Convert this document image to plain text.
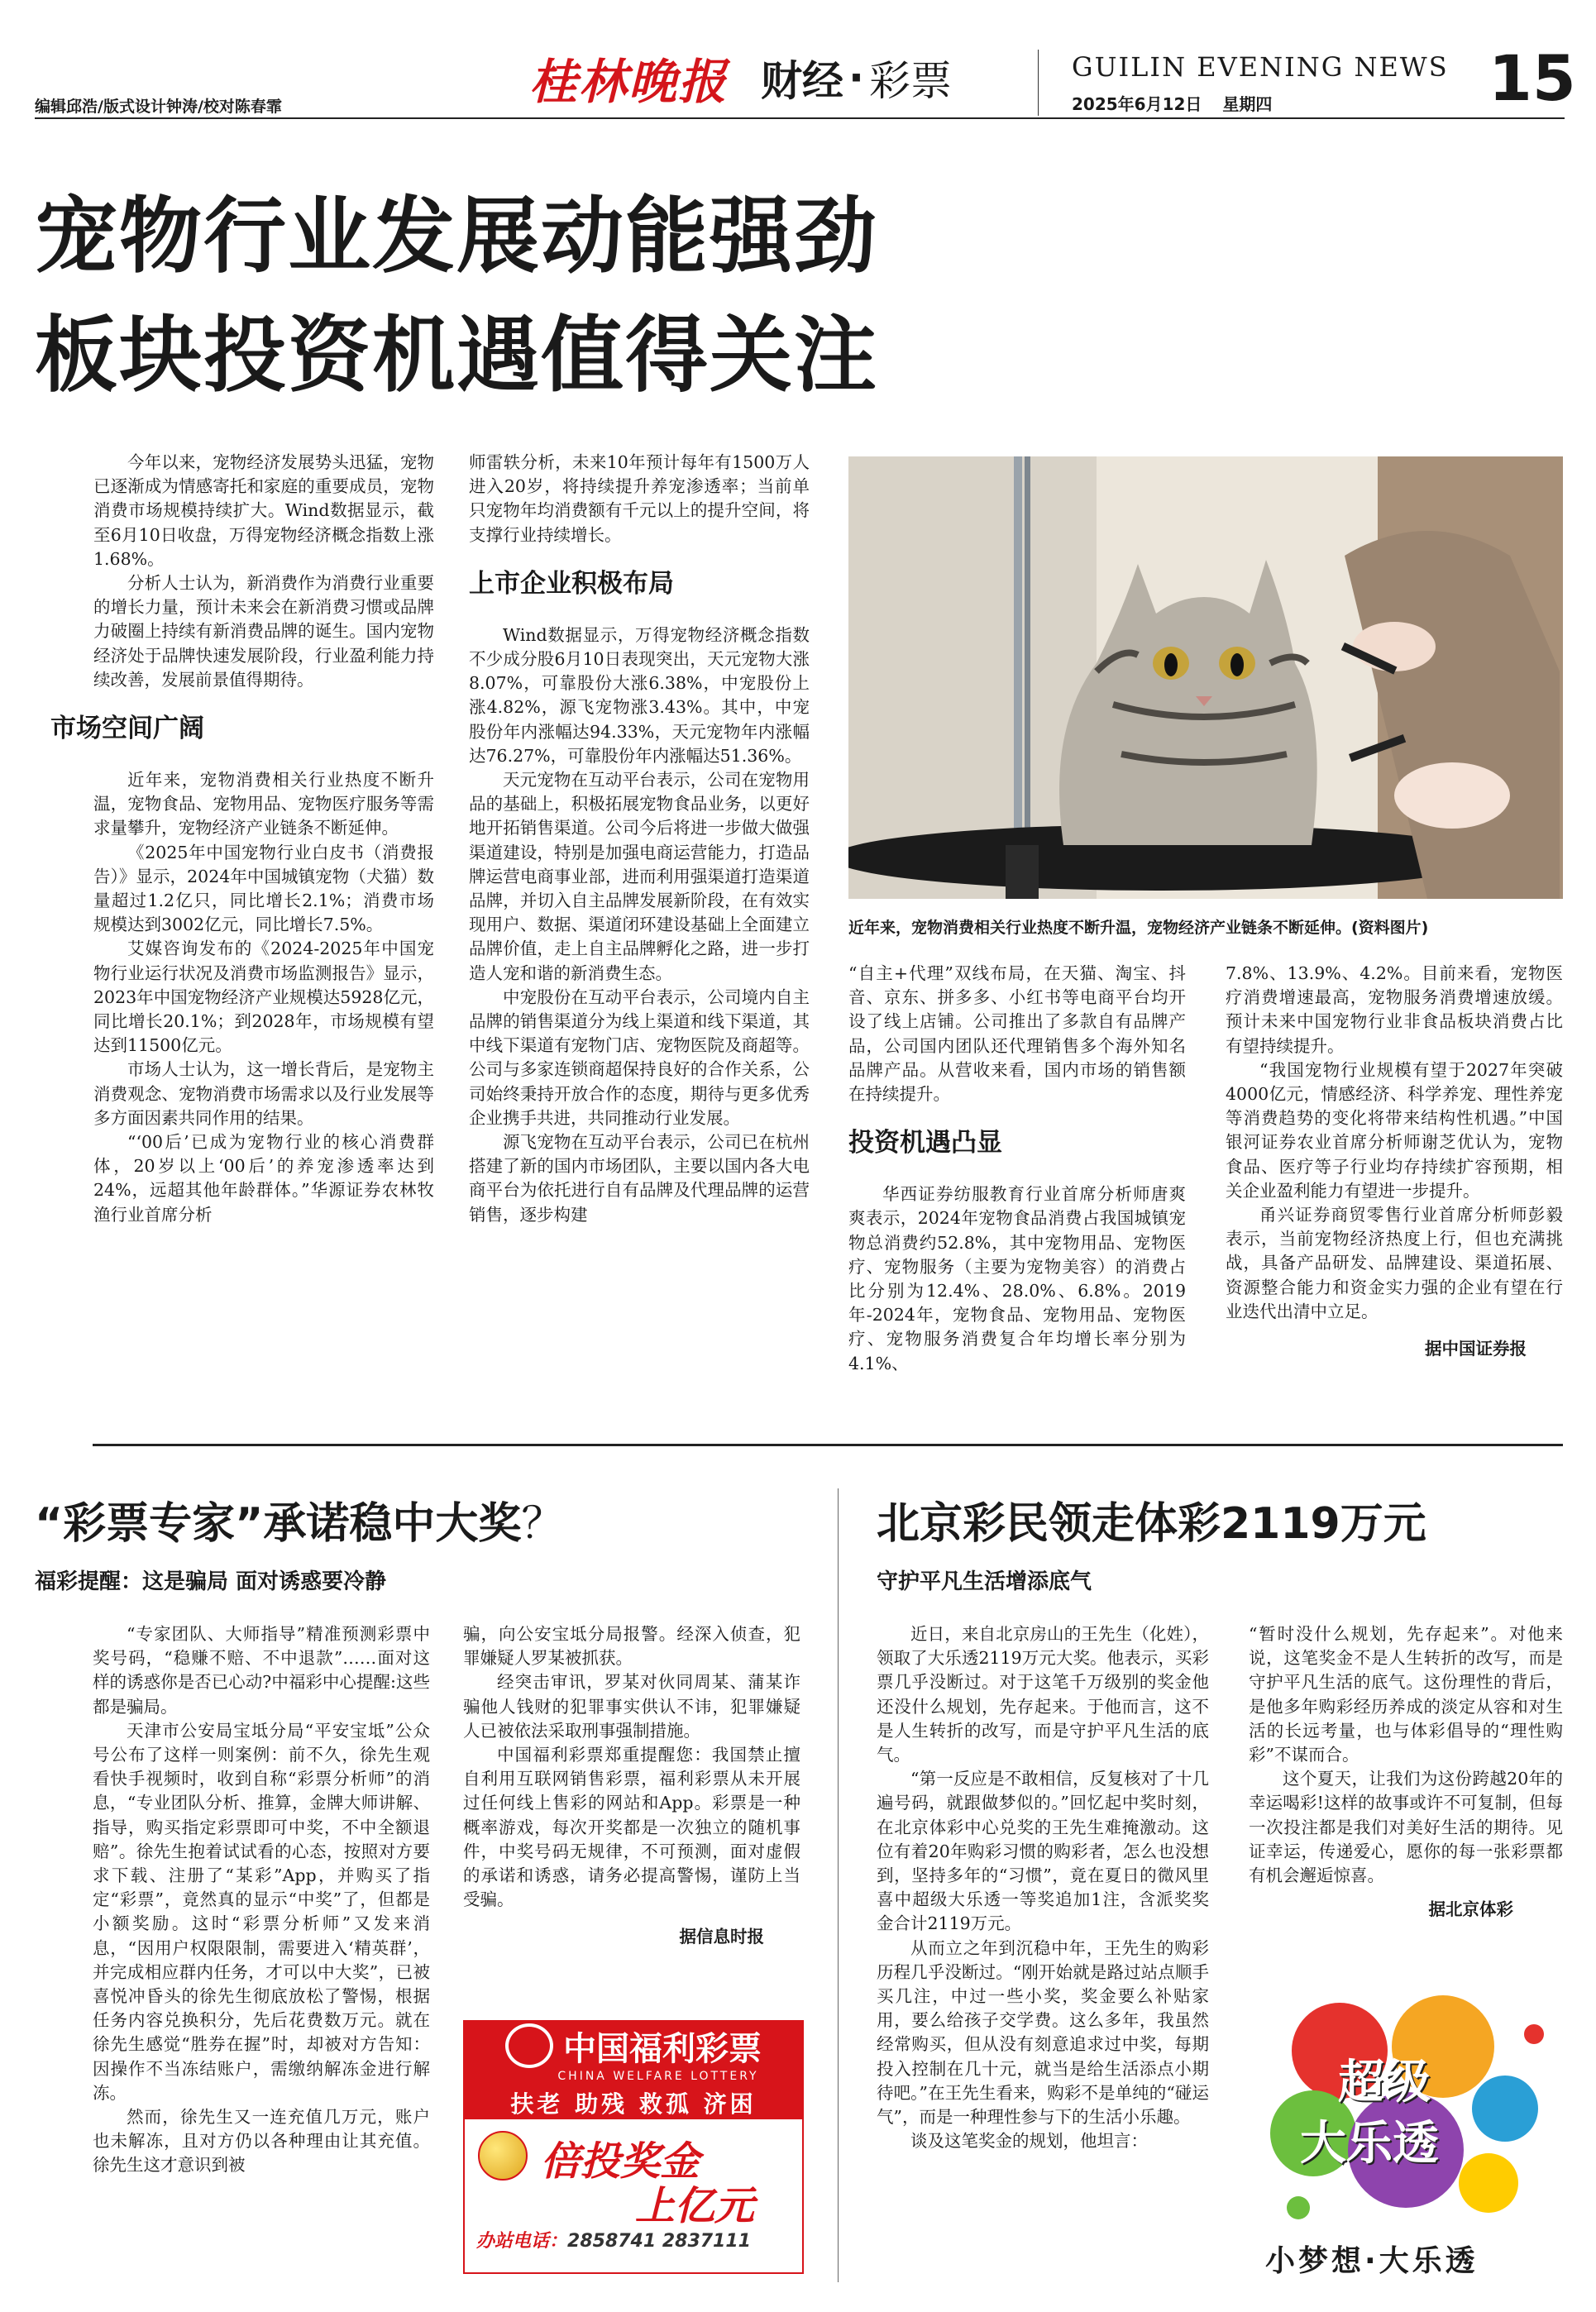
编辑邱浩/版式设计钟涛/校对陈春霏	桂林晚报 财经 · 彩票	GUILIN EVENING NEWS
2025年6月12日 星期四	15
宠物行业发展动能强劲
板块投资机遇值得关注

今年以来，宠物经济发展势头迅猛，宠物已逐渐成为情感寄托和家庭的重要成员，宠物消费市场规模持续扩大。Wind数据显示，截至6月10日收盘，万得宠物经济概念指数上涨1.68%。

分析人士认为，新消费作为消费行业重要的增长力量，预计未来会在新消费习惯或品牌力破圈上持续有新消费品牌的诞生。国内宠物经济处于品牌快速发展阶段，行业盈利能力持续改善，发展前景值得期待。

市场空间广阔

近年来，宠物消费相关行业热度不断升温，宠物食品、宠物用品、宠物医疗服务等需求量攀升，宠物经济产业链条不断延伸。

《2025年中国宠物行业白皮书（消费报告）》显示，2024年中国城镇宠物（犬猫）数量超过1.2亿只，同比增长2.1%；消费市场规模达到3002亿元，同比增长7.5%。

艾媒咨询发布的《2024-2025年中国宠物行业运行状况及消费市场监测报告》显示，2023年中国宠物经济产业规模达5928亿元，同比增长20.1%；到2028年，市场规模有望达到11500亿元。

市场人士认为，这一增长背后，是宠物主消费观念、宠物消费市场需求以及行业发展等多方面因素共同作用的结果。

“‘00后’已成为宠物行业的核心消费群体，20岁以上‘00后’的养宠渗透率达到24%，远超其他年龄群体。”华源证券农林牧渔行业首席分析

师雷轶分析，未来10年预计每年有1500万人进入20岁，将持续提升养宠渗透率；当前单只宠物年均消费额有千元以上的提升空间，将支撑行业持续增长。

上市企业积极布局

Wind数据显示，万得宠物经济概念指数不少成分股6月10日表现突出，天元宠物大涨8.07%，可靠股份大涨6.38%，中宠股份上涨4.82%，源飞宠物涨3.43%。其中，中宠股份年内涨幅达94.33%，天元宠物年内涨幅达76.27%，可靠股份年内涨幅达51.36%。

天元宠物在互动平台表示，公司在宠物用品的基础上，积极拓展宠物食品业务，以更好地开拓销售渠道。公司今后将进一步做大做强渠道建设，特别是加强电商运营能力，打造品牌运营电商事业部，进而利用强渠道打造渠道品牌，并切入自主品牌发展新阶段，在有效实现用户、数据、渠道闭环建设基础上全面建立品牌价值，走上自主品牌孵化之路，进一步打造人宠和谐的新消费生态。

中宠股份在互动平台表示，公司境内自主品牌的销售渠道分为线上渠道和线下渠道，其中线下渠道有宠物门店、宠物医院及商超等。公司与多家连锁商超保持良好的合作关系，公司始终秉持开放合作的态度，期待与更多优秀企业携手共进，共同推动行业发展。

源飞宠物在互动平台表示，公司已在杭州搭建了新的国内市场团队，主要以国内各大电商平台为依托进行自有品牌及代理品牌的运营销售，逐步构建

近年来，宠物消费相关行业热度不断升温，宠物经济产业链条不断延伸。(资料图片)

“自主+代理”双线布局，在天猫、淘宝、抖音、京东、拼多多、小红书等电商平台均开设了线上店铺。公司推出了多款自有品牌产品，公司国内团队还代理销售多个海外知名品牌产品。从营收来看，国内市场的销售额在持续提升。

投资机遇凸显

华西证券纺服教育行业首席分析师唐爽爽表示，2024年宠物食品消费占我国城镇宠物总消费约52.8%，其中宠物用品、宠物医疗、宠物服务（主要为宠物美容）的消费占比分别为12.4%、28.0%、6.8%。2019年-2024年，宠物食品、宠物用品、宠物医疗、宠物服务消费复合年均增长率分别为4.1%、

7.8%、13.9%、4.2%。目前来看，宠物医疗消费增速最高，宠物服务消费增速放缓。预计未来中国宠物行业非食品板块消费占比有望持续提升。

“我国宠物行业规模有望于2027年突破4000亿元，情感经济、科学养宠、理性养宠等消费趋势的变化将带来结构性机遇。”中国银河证券农业首席分析师谢芝优认为，宠物食品、医疗等子行业均存持续扩容预期，相关企业盈利能力有望进一步提升。

甬兴证券商贸零售行业首席分析师彭毅表示，当前宠物经济热度上行，但也充满挑战，具备产品研发、品牌建设、渠道拓展、资源整合能力和资金实力强的企业有望在行业迭代出清中立足。

据中国证券报
“彩票专家”承诺稳中大奖？
福彩提醒：这是骗局 面对诱惑要冷静

“专家团队、大师指导”精准预测彩票中奖号码，“稳赚不赔、不中退款”……面对这样的诱惑你是否已心动?中福彩中心提醒:这些都是骗局。

天津市公安局宝坻分局“平安宝坻”公众号公布了这样一则案例：前不久，徐先生观看快手视频时，收到自称“彩票分析师”的消息，“专业团队分析、推算，金牌大师讲解、指导，购买指定彩票即可中奖，不中全额退赔”。徐先生抱着试试看的心态，按照对方要求下载、注册了“某彩”App，并购买了指定“彩票”，竟然真的显示“中奖”了，但都是小额奖励。这时“彩票分析师”又发来消息，“因用户权限限制，需要进入‘精英群’，并完成相应群内任务，才可以中大奖”，已被喜悦冲昏头的徐先生彻底放松了警惕，根据任务内容兑换积分，先后花费数万元。就在徐先生感觉“胜券在握”时，却被对方告知：因操作不当冻结账户，需缴纳解冻金进行解冻。

然而，徐先生又一连充值几万元，账户也未解冻，且对方仍以各种理由让其充值。徐先生这才意识到被

骗，向公安宝坻分局报警。经深入侦查，犯罪嫌疑人罗某被抓获。

经突击审讯，罗某对伙同周某、蒲某诈骗他人钱财的犯罪事实供认不讳，犯罪嫌疑人已被依法采取刑事强制措施。

中国福利彩票郑重提醒您：我国禁止擅自利用互联网销售彩票，福利彩票从未开展过任何线上售彩的网站和App。彩票是一种概率游戏，每次开奖都是一次独立的随机事件，中奖号码无规律，不可预测，面对虚假的承诺和诱惑，请务必提高警惕，谨防上当受骗。

据信息时报
中国福利彩票
CHINA WELFARE LOTTERY
扶老 助残 救孤 济困
倍投奖金
上亿元
办站电话：2858741 2837111
北京彩民领走体彩2119万元
守护平凡生活增添底气

近日，来自北京房山的王先生（化姓），领取了大乐透2119万元大奖。他表示，买彩票几乎没断过。对于这笔千万级别的奖金他还没什么规划，先存起来。于他而言，这不是人生转折的改写，而是守护平凡生活的底气。

“第一反应是不敢相信，反复核对了十几遍号码，就跟做梦似的。”回忆起中奖时刻，在北京体彩中心兑奖的王先生难掩激动。这位有着20年购彩习惯的购彩者，怎么也没想到，坚持多年的“习惯”，竟在夏日的微风里喜中超级大乐透一等奖追加1注，含派奖奖金合计2119万元。

从而立之年到沉稳中年，王先生的购彩历程几乎没断过。“刚开始就是路过站点顺手买几注，中过一些小奖，奖金要么补贴家用，要么给孩子交学费。这么多年，我虽然经常购买，但从没有刻意追求过中奖，每期投入控制在几十元，就当是给生活添点小期待吧。”在王先生看来，购彩不是单纯的“碰运气”，而是一种理性参与下的生活小乐趣。

谈及这笔奖金的规划，他坦言：

“暂时没什么规划，先存起来”。对他来说，这笔奖金不是人生转折的改写，而是守护平凡生活的底气。这份理性的背后，是他多年购彩经历养成的淡定从容和对生活的长远考量，也与体彩倡导的“理性购彩”不谋而合。

这个夏天，让我们为这份跨越20年的幸运喝彩!这样的故事或许不可复制，但每一次投注都是我们对美好生活的期待。见证幸运，传递爱心，愿你的每一张彩票都有机会邂逅惊喜。

据北京体彩
超级
大乐透
小梦想·大乐透
